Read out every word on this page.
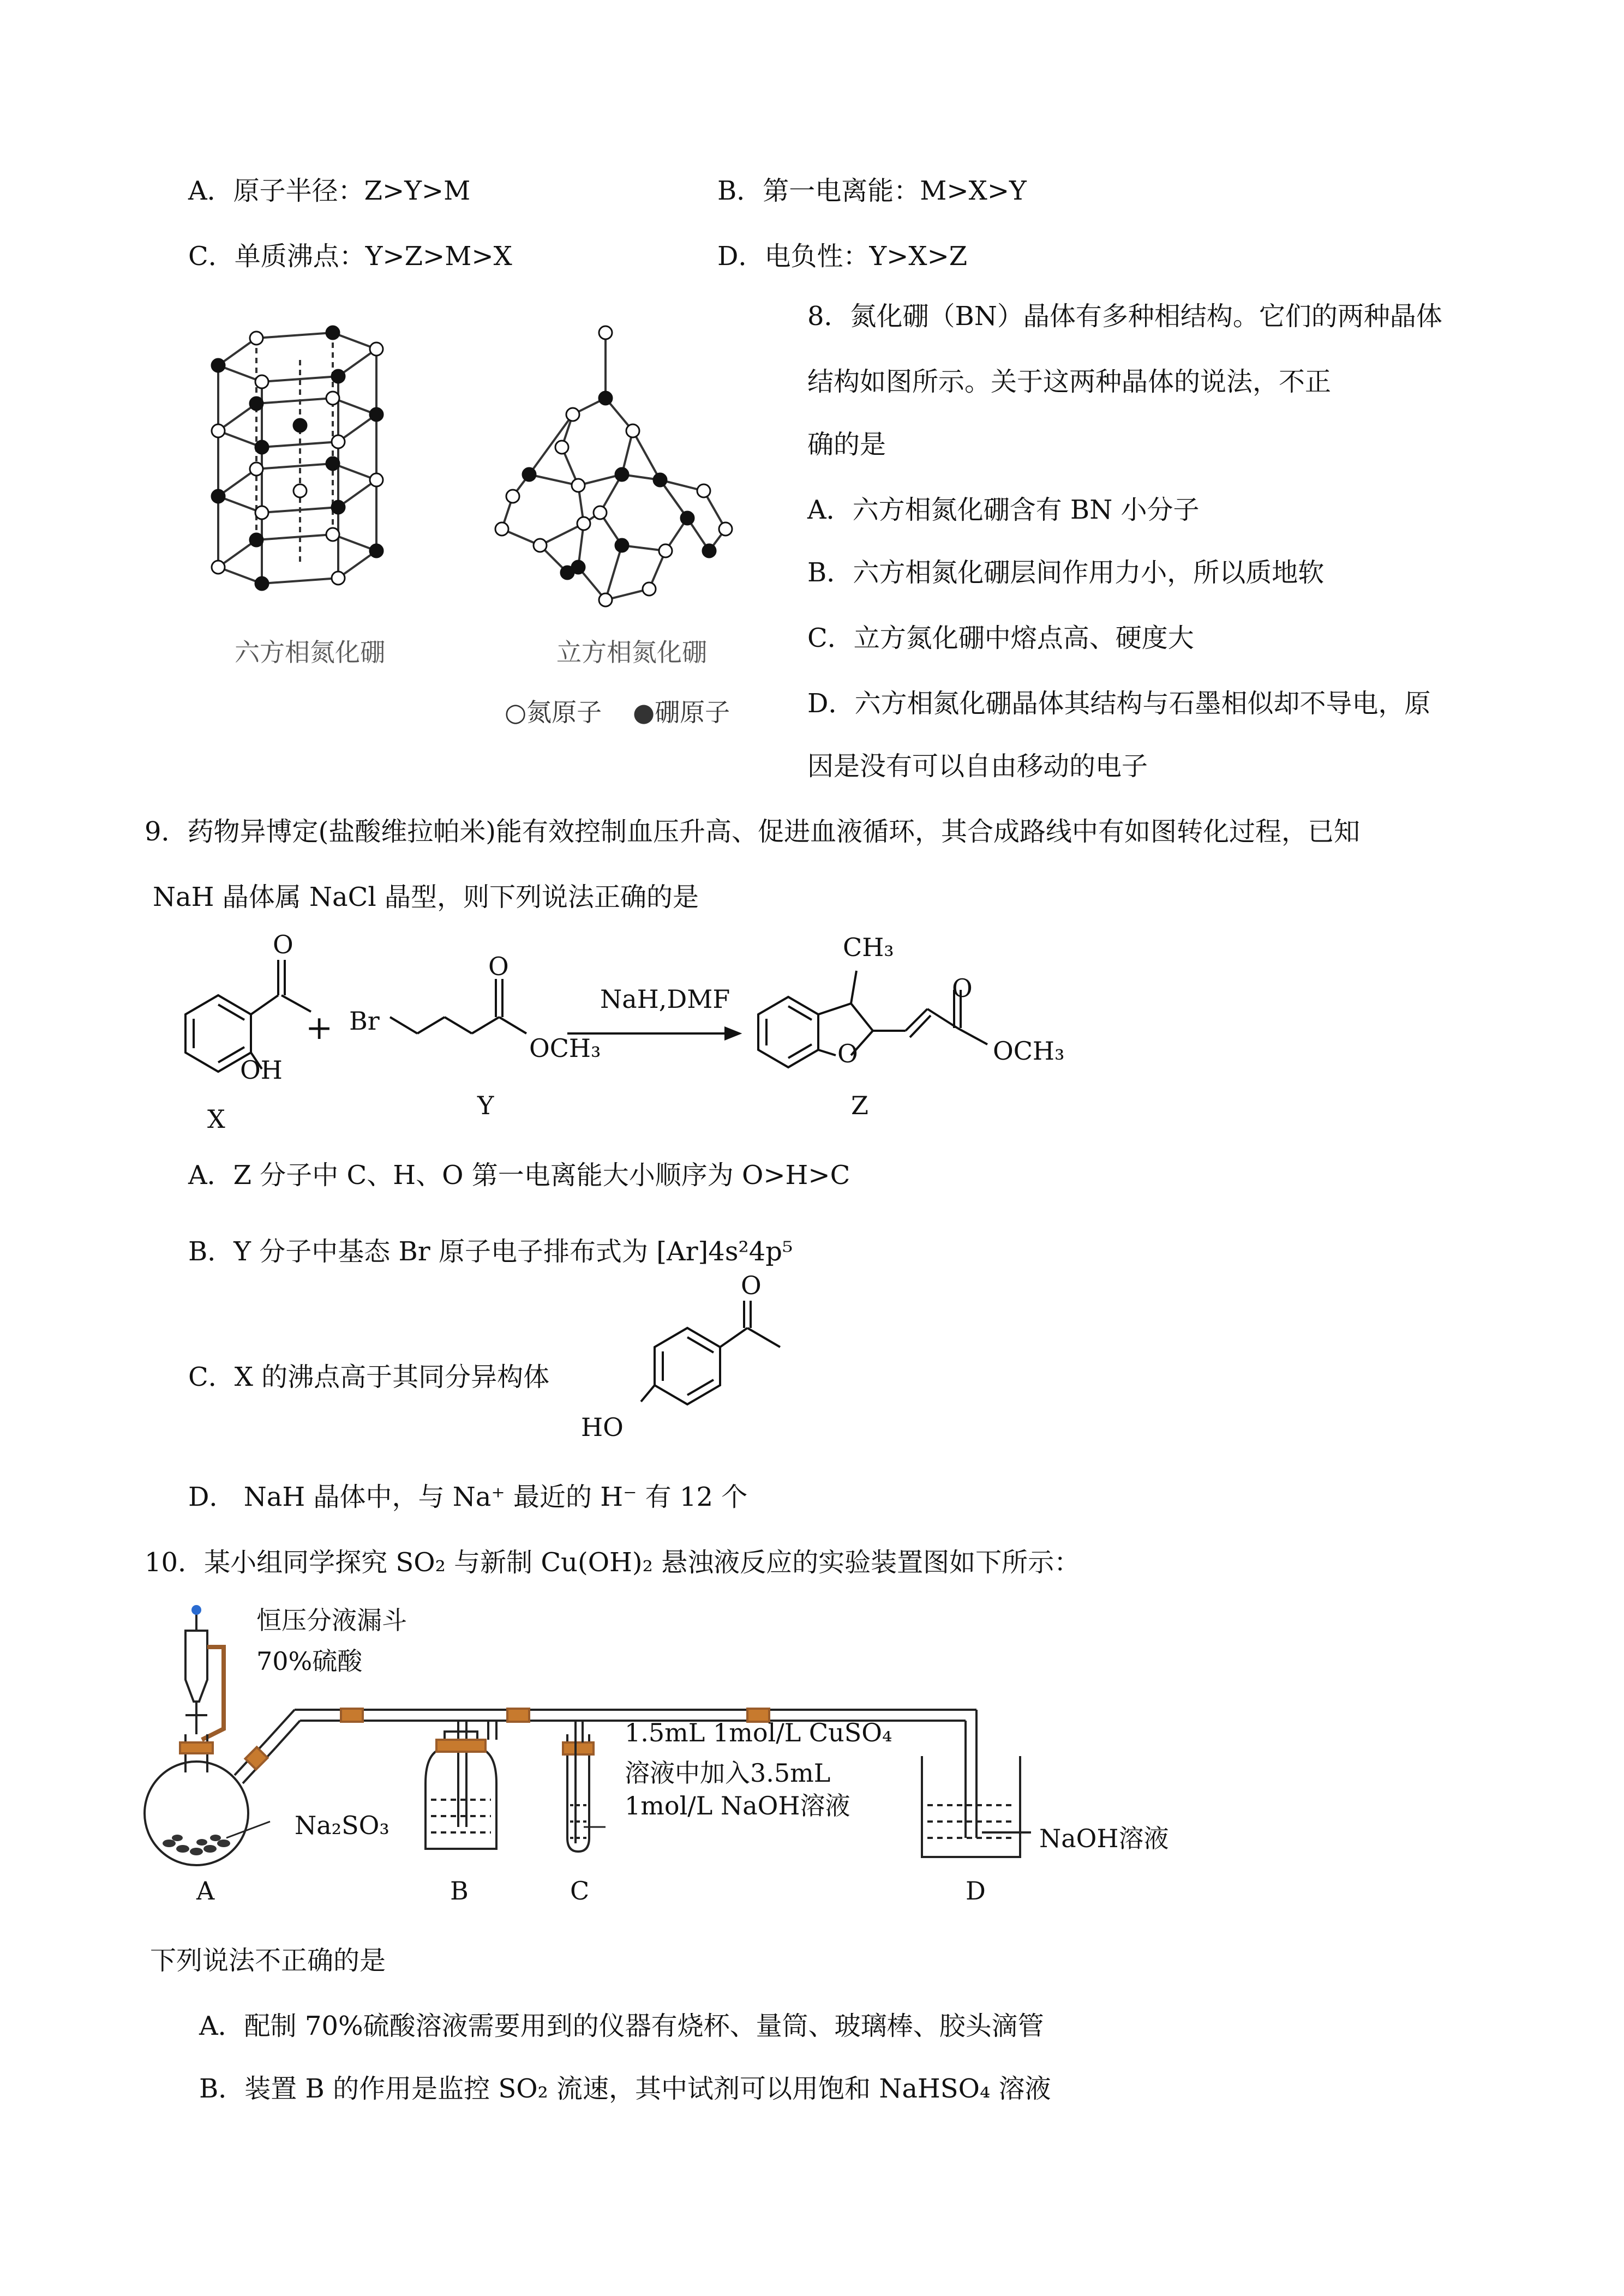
A．原子半径：Z>Y>M	B．第一电离能：M>X>Y
C．单质沸点：Y>Z>M>X	D．电负性：Y>X>Z
六方相氮化硼	立方相氮化硼
○氮原子 ●硼原子
8．氮化硼（BN）晶体有多种相结构。它们的两种晶体
结构如图所示。关于这两种晶体的说法，不正
确的是
A．六方相氮化硼含有 BN 小分子
B．六方相氮化硼层间作用力小，所以质地软
C．立方氮化硼中熔点高、硬度大
D．六方相氮化硼晶体其结构与石墨相似却不导电，原
因是没有可以自由移动的电子
9．药物异博定(盐酸维拉帕米)能有效控制血压升高、促进血液循环，其合成路线中有如图转化过程，已知
NaH 晶体属 NaCl 晶型，则下列说法正确的是
O
OH
+ Br
O
OCH₃
NaH,DMF
CH₃
O
O
OCH₃
X	Y	Z
A．Z 分子中 C、H、O 第一电离能大小顺序为 O>H>C
B．Y 分子中基态 Br 原子电子排布式为 [Ar]4s²4p⁵
C．X 的沸点高于其同分异构体
O
HO
D． NaH 晶体中，与 Na⁺ 最近的 H⁻ 有 12 个
10．某小组同学探究 SO₂ 与新制 Cu(OH)₂ 悬浊液反应的实验装置图如下所示：
恒压分液漏斗
70%硫酸
Na₂SO₃
1.5mL 1mol/L CuSO₄
溶液中加入3.5mL
1mol/L NaOH溶液
NaOH溶液
A	B	C	D
下列说法不正确的是
A．配制 70%硫酸溶液需要用到的仪器有烧杯、量筒、玻璃棒、胶头滴管
B．装置 B 的作用是监控 SO₂ 流速，其中试剂可以用饱和 NaHSO₄ 溶液
